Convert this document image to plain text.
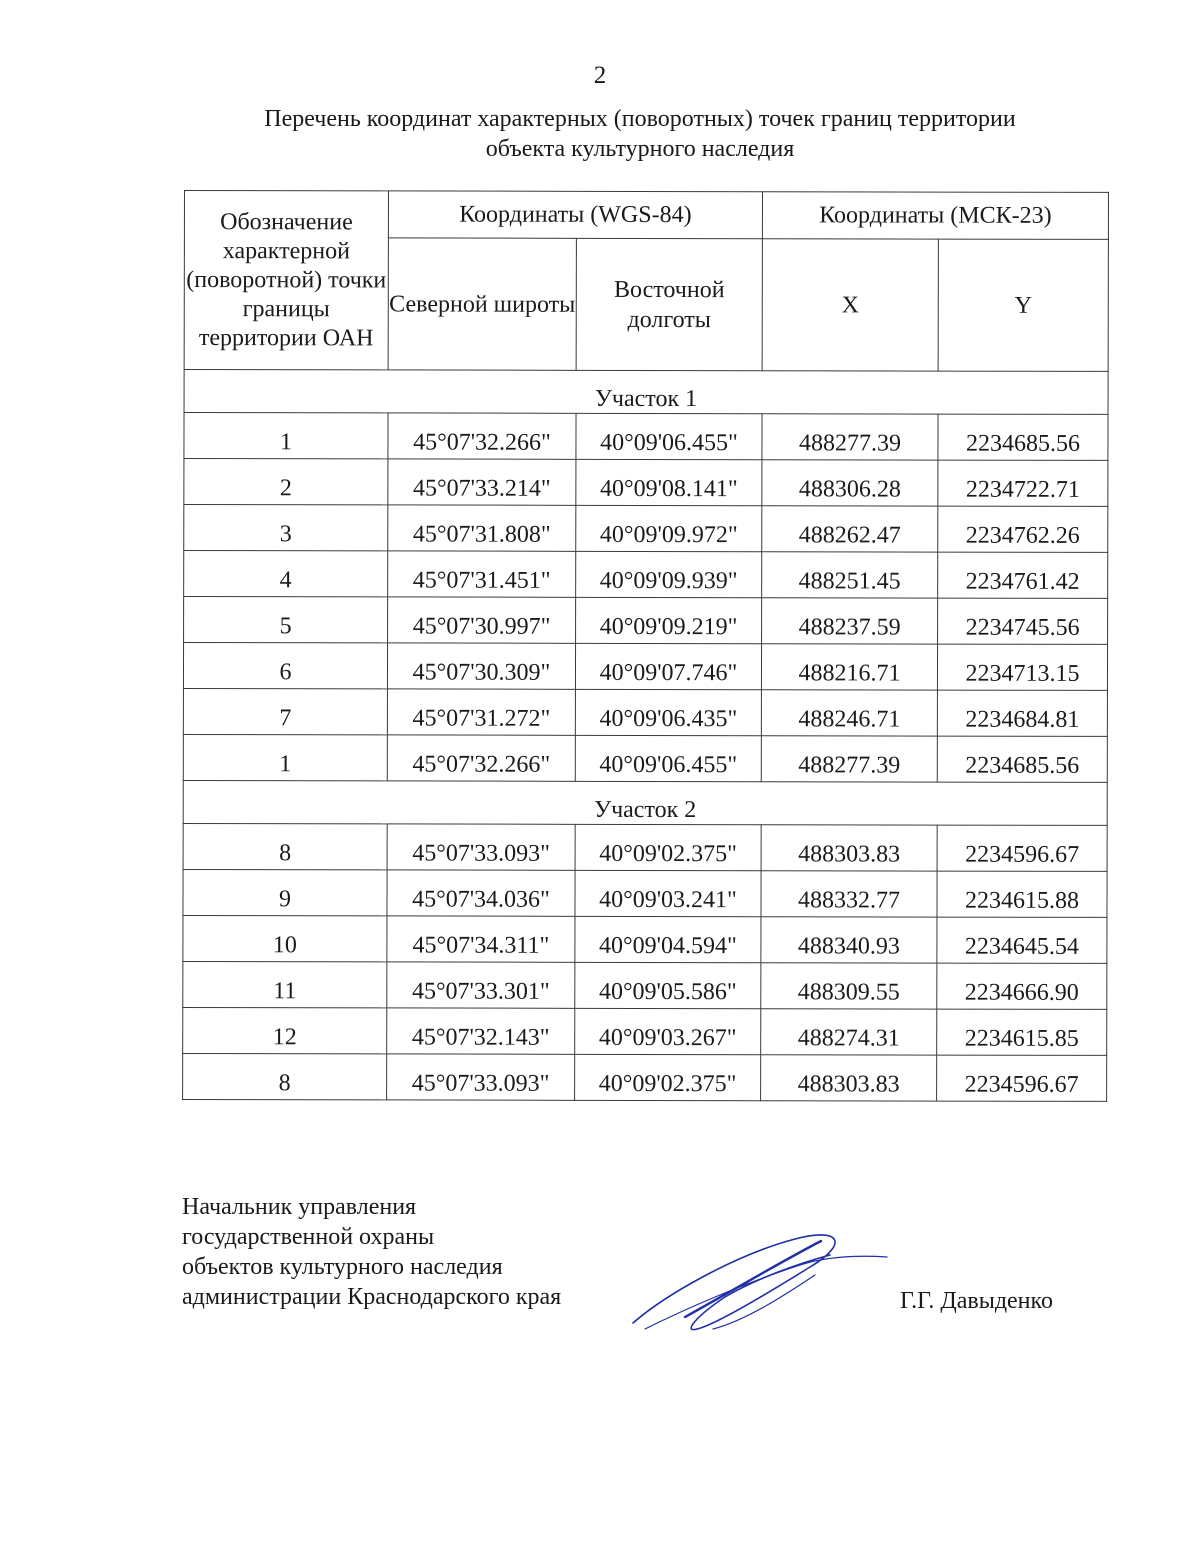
2
Перечень координат характерных (поворотных) точек границ территории
объекта культурного наследия
Обозначение характерной (поворотной) точки границы территории ОАН	Координаты (WGS-84)		Координаты (МСК-23)	
	Северной широты	Восточной долготы	X	Y
Участок 1				
1	45°07'32.266"	40°09'06.455"	488277.39	2234685.56
2	45°07'33.214"	40°09'08.141"	488306.28	2234722.71
3	45°07'31.808"	40°09'09.972"	488262.47	2234762.26
4	45°07'31.451"	40°09'09.939"	488251.45	2234761.42
5	45°07'30.997"	40°09'09.219"	488237.59	2234745.56
6	45°07'30.309"	40°09'07.746"	488216.71	2234713.15
7	45°07'31.272"	40°09'06.435"	488246.71	2234684.81
1	45°07'32.266"	40°09'06.455"	488277.39	2234685.56
Участок 2				
8	45°07'33.093"	40°09'02.375"	488303.83	2234596.67
9	45°07'34.036"	40°09'03.241"	488332.77	2234615.88
10	45°07'34.311"	40°09'04.594"	488340.93	2234645.54
11	45°07'33.301"	40°09'05.586"	488309.55	2234666.90
12	45°07'32.143"	40°09'03.267"	488274.31	2234615.85
8	45°07'33.093"	40°09'02.375"	488303.83	2234596.67
Начальник управления
государственной охраны
объектов культурного наследия
администрации Краснодарского края	Г.Г. Давыденко
